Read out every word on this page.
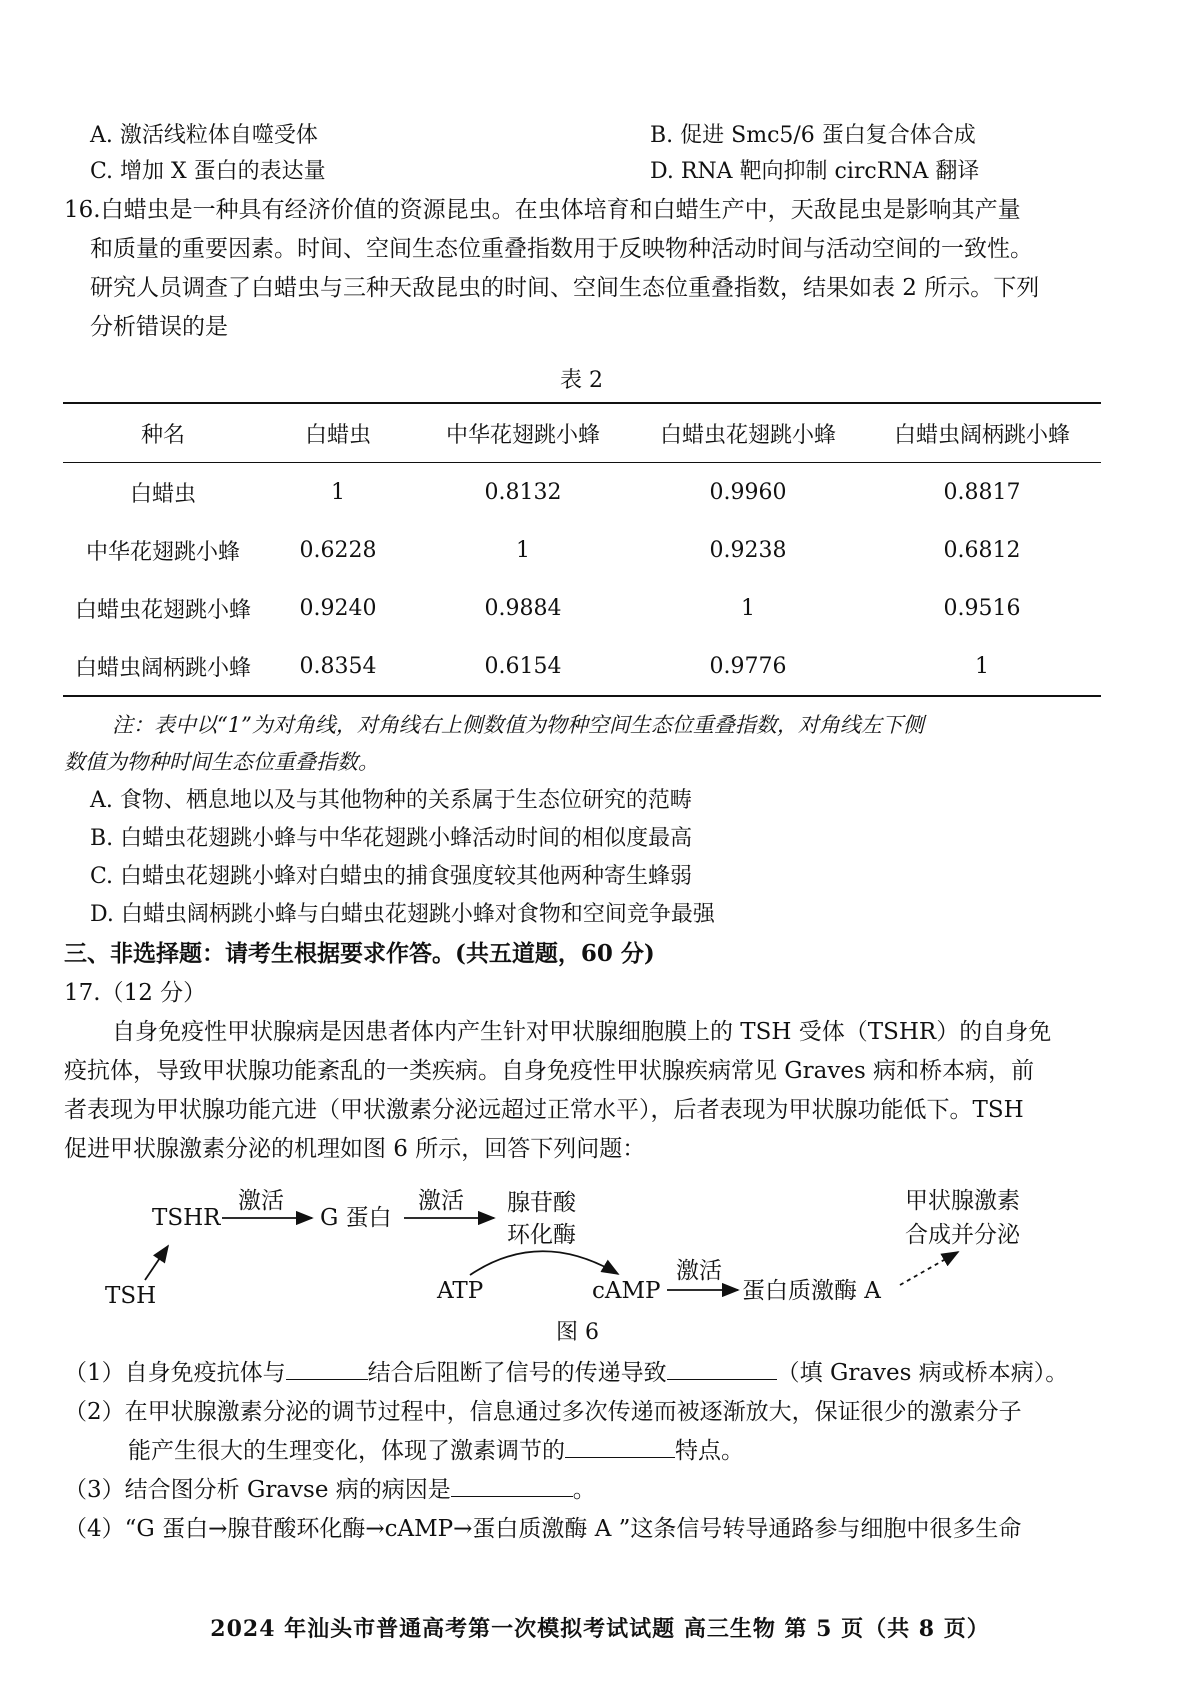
A. 激活线粒体自噬受体	B. 促进 Smc5/6 蛋白复合体合成
C. 增加 X 蛋白的表达量	D. RNA 靶向抑制 circRNA 翻译
16.白蜡虫是一种具有经济价值的资源昆虫。在虫体培育和白蜡生产中，天敌昆虫是影响其产量
和质量的重要因素。时间、空间生态位重叠指数用于反映物种活动时间与活动空间的一致性。
研究人员调查了白蜡虫与三种天敌昆虫的时间、空间生态位重叠指数，结果如表 2 所示。下列
分析错误的是
表 2
种名	白蜡虫	中华花翅跳小蜂	白蜡虫花翅跳小蜂	白蜡虫阔柄跳小蜂
白蜡虫	1	0.8132	0.9960	0.8817
中华花翅跳小蜂	0.6228	1	0.9238	0.6812
白蜡虫花翅跳小蜂	0.9240	0.9884	1	0.9516
白蜡虫阔柄跳小蜂	0.8354	0.6154	0.9776	1
注：表中以“1”为对角线，对角线右上侧数值为物种空间生态位重叠指数，对角线左下侧
数值为物种时间生态位重叠指数。
A. 食物、栖息地以及与其他物种的关系属于生态位研究的范畴
B. 白蜡虫花翅跳小蜂与中华花翅跳小蜂活动时间的相似度最高
C. 白蜡虫花翅跳小蜂对白蜡虫的捕食强度较其他两种寄生蜂弱
D. 白蜡虫阔柄跳小蜂与白蜡虫花翅跳小蜂对食物和空间竞争最强
三、非选择题：请考生根据要求作答。(共五道题，60 分)
17.（12 分）
自身免疫性甲状腺病是因患者体内产生针对甲状腺细胞膜上的 TSH 受体（TSHR）的自身免
疫抗体，导致甲状腺功能紊乱的一类疾病。自身免疫性甲状腺疾病常见 Graves 病和桥本病，前
者表现为甲状腺功能亢进（甲状激素分泌远超过正常水平），后者表现为甲状腺功能低下。TSH
促进甲状腺激素分泌的机理如图 6 所示，回答下列问题：
TSHR
TSH
激活
G 蛋白
激活 腺苷酸
环化酶
ATP	cAMP
激活
蛋白质激酶 A
甲状腺激素
合成并分泌
图 6
（1）自身免疫抗体与	结合后阻断了信号的传递导致	（填 Graves 病或桥本病）。
（2）在甲状腺激素分泌的调节过程中，信息通过多次传递而被逐渐放大，保证很少的激素分子
能产生很大的生理变化，体现了激素调节的	特点。
（3）结合图分析 Gravse 病的病因是	。
（4）“G 蛋白→腺苷酸环化酶→cAMP→蛋白质激酶 A ”这条信号转导通路参与细胞中很多生命
2024 年汕头市普通高考第一次模拟考试试题 高三生物 第 5 页（共 8 页）
